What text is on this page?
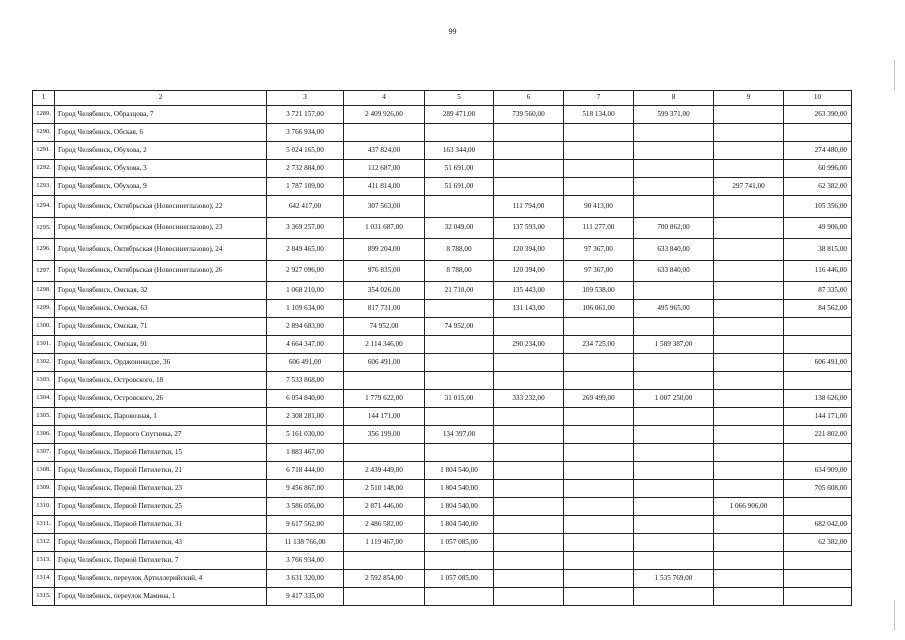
99
1	2	3	4	5	6	7	8	9	10
1289.	Город Челябинск, Образцова, 7	3 721 157,00	2 409 926,00	289 471,00	739 560,00	518 134,00	599 371,00		263 390,00
1290.	Город Челябинск, Обская, 6	3 766 934,00							
1291.	Город Челябинск, Обухова, 2	5 024 165,00	437 824,00	163 344,00					274 480,00
1292.	Город Челябинск, Обухова, 3	2 732 884,00	112 687,00	51 691,00					60 996,00
1293.	Город Челябинск, Обухова, 9	1 787 109,00	411 814,00	51 691,00				297 741,00	62 382,00
1294.	Город Челябинск, Октябрьская (Новосинеглазово), 22	642 417,00	307 563,00		111 794,00	90 413,00			105 356,00
1295.	Город Челябинск, Октябрьская (Новосинеглазово), 23	3 369 257,00	1 031 687,00	32 049,00	137 593,00	111 277,00	700 862,00		49 906,00
1296.	Город Челябинск, Октябрьская (Новосинеглазово), 24	2 849 465,00	899 204,00	8 788,00	120 394,00	97 367,00	633 840,00		38 815,00
1297.	Город Челябинск, Октябрьская (Новосинеглазово), 26	2 927 096,00	976 835,00	8 788,00	120 394,00	97 367,00	633 840,00		116 446,00
1298.	Город Челябинск, Омская, 32	1 068 210,00	354 026,00	21 710,00	135 443,00	109 538,00			87 335,00
1299.	Город Челябинск, Омская, 63	1 109 634,00	817 731,00		131 143,00	106 061,00	495 965,00		84 562,00
1300.	Город Челябинск, Омская, 71	2 894 683,00	74 952,00	74 952,00					
1301.	Город Челябинск, Омская, 91	4 664 347,00	2 114 346,00		290 234,00	234 725,00	1 589 387,00		
1302.	Город Челябинск, Орджоникидзе, 36	606 491,00	606 491,00						606 491,00
1303.	Город Челябинск, Островского, 18	7 533 868,00							
1304.	Город Челябинск, Островского, 26	6 054 840,00	1 779 622,00	31 015,00	333 232,00	269 499,00	1 007 250,00		138 626,00
1305.	Город Челябинск, Паровозная, 1	2 308 281,00	144 171,00						144 171,00
1306.	Город Челябинск, Первого Спутника, 27	5 161 030,00	356 199,00	134 397,00					221 802,00
1307.	Город Челябинск, Первой Пятилетки, 15	1 883 467,00							
1308.	Город Челябинск, Первой Пятилетки, 21	6 718 444,00	2 439 449,00	1 804 540,00					634 909,00
1309.	Город Челябинск, Первой Пятилетки, 23	9 456 867,00	2 510 148,00	1 804 540,00					705 608,00
1310.	Город Челябинск, Первой Пятилетки, 25	3 586 056,00	2 871 446,00	1 804 540,00				1 066 906,00	
1311.	Город Челябинск, Первой Пятилетки, 31	9 617 562,00	2 486 582,00	1 804 540,00					682 042,00
1312.	Город Челябинск, Первой Пятилетки, 43	11 138 766,00	1 119 467,00	1 057 085,00					62 382,00
1313.	Город Челябинск, Первой Пятилетки, 7	3 766 934,00							
1314.	Город Челябинск, переулок Артиллерийский, 4	3 631 320,00	2 592 854,00	1 057 085,00			1 535 769,00		
1315.	Город Челябинск, переулок Мамина, 1	9 417 335,00							
